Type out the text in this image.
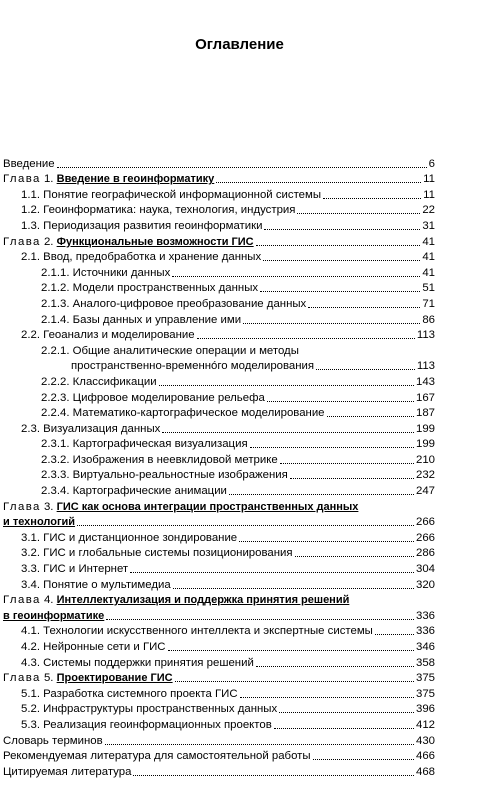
Оглавление
Введение	6
Глава 1. Введение в геоинформатику	11
1.1. Понятие географической информационной системы	11
1.2. Геоинформатика: наука, технология, индустрия	22
1.3. Периодизация развития геоинформатики	31
Глава 2. Функциональные возможности ГИС	41
2.1. Ввод, предобработка и хранение данных	41
2.1.1. Источники данных	41
2.1.2. Модели пространственных данных	51
2.1.3. Аналого-цифровое преобразование данных	71
2.1.4. Базы данных и управление ими	86
2.2. Геоанализ и моделирование	113
2.2.1. Общие аналитические операции и методы
пространственно-временнóго моделирования	113
2.2.2. Классификации	143
2.2.3. Цифровое моделирование рельефа	167
2.2.4. Математико-картографическое моделирование	187
2.3. Визуализация данных	199
2.3.1. Картографическая визуализация	199
2.3.2. Изображения в неевклидовой метрике	210
2.3.3. Виртуально-реальностные изображения	232
2.3.4. Картографические анимации	247
Глава 3. ГИС как основа интеграции пространственных данных
и технологий	266
3.1. ГИС и дистанционное зондирование	266
3.2. ГИС и глобальные системы позиционирования	286
3.3. ГИС и Интернет	304
3.4. Понятие о мультимедиа	320
Глава 4. Интеллектуализация и поддержка принятия решений
в геоинформатике	336
4.1. Технологии искусственного интеллекта и экспертные системы	336
4.2. Нейронные сети и ГИС	346
4.3. Системы поддержки принятия решений	358
Глава 5. Проектирование ГИС	375
5.1. Разработка системного проекта ГИС	375
5.2. Инфраструктуры пространственных данных	396
5.3. Реализация геоинформационных проектов	412
Словарь терминов	430
Рекомендуемая литература для самостоятельной работы	466
Цитируемая литература	468
